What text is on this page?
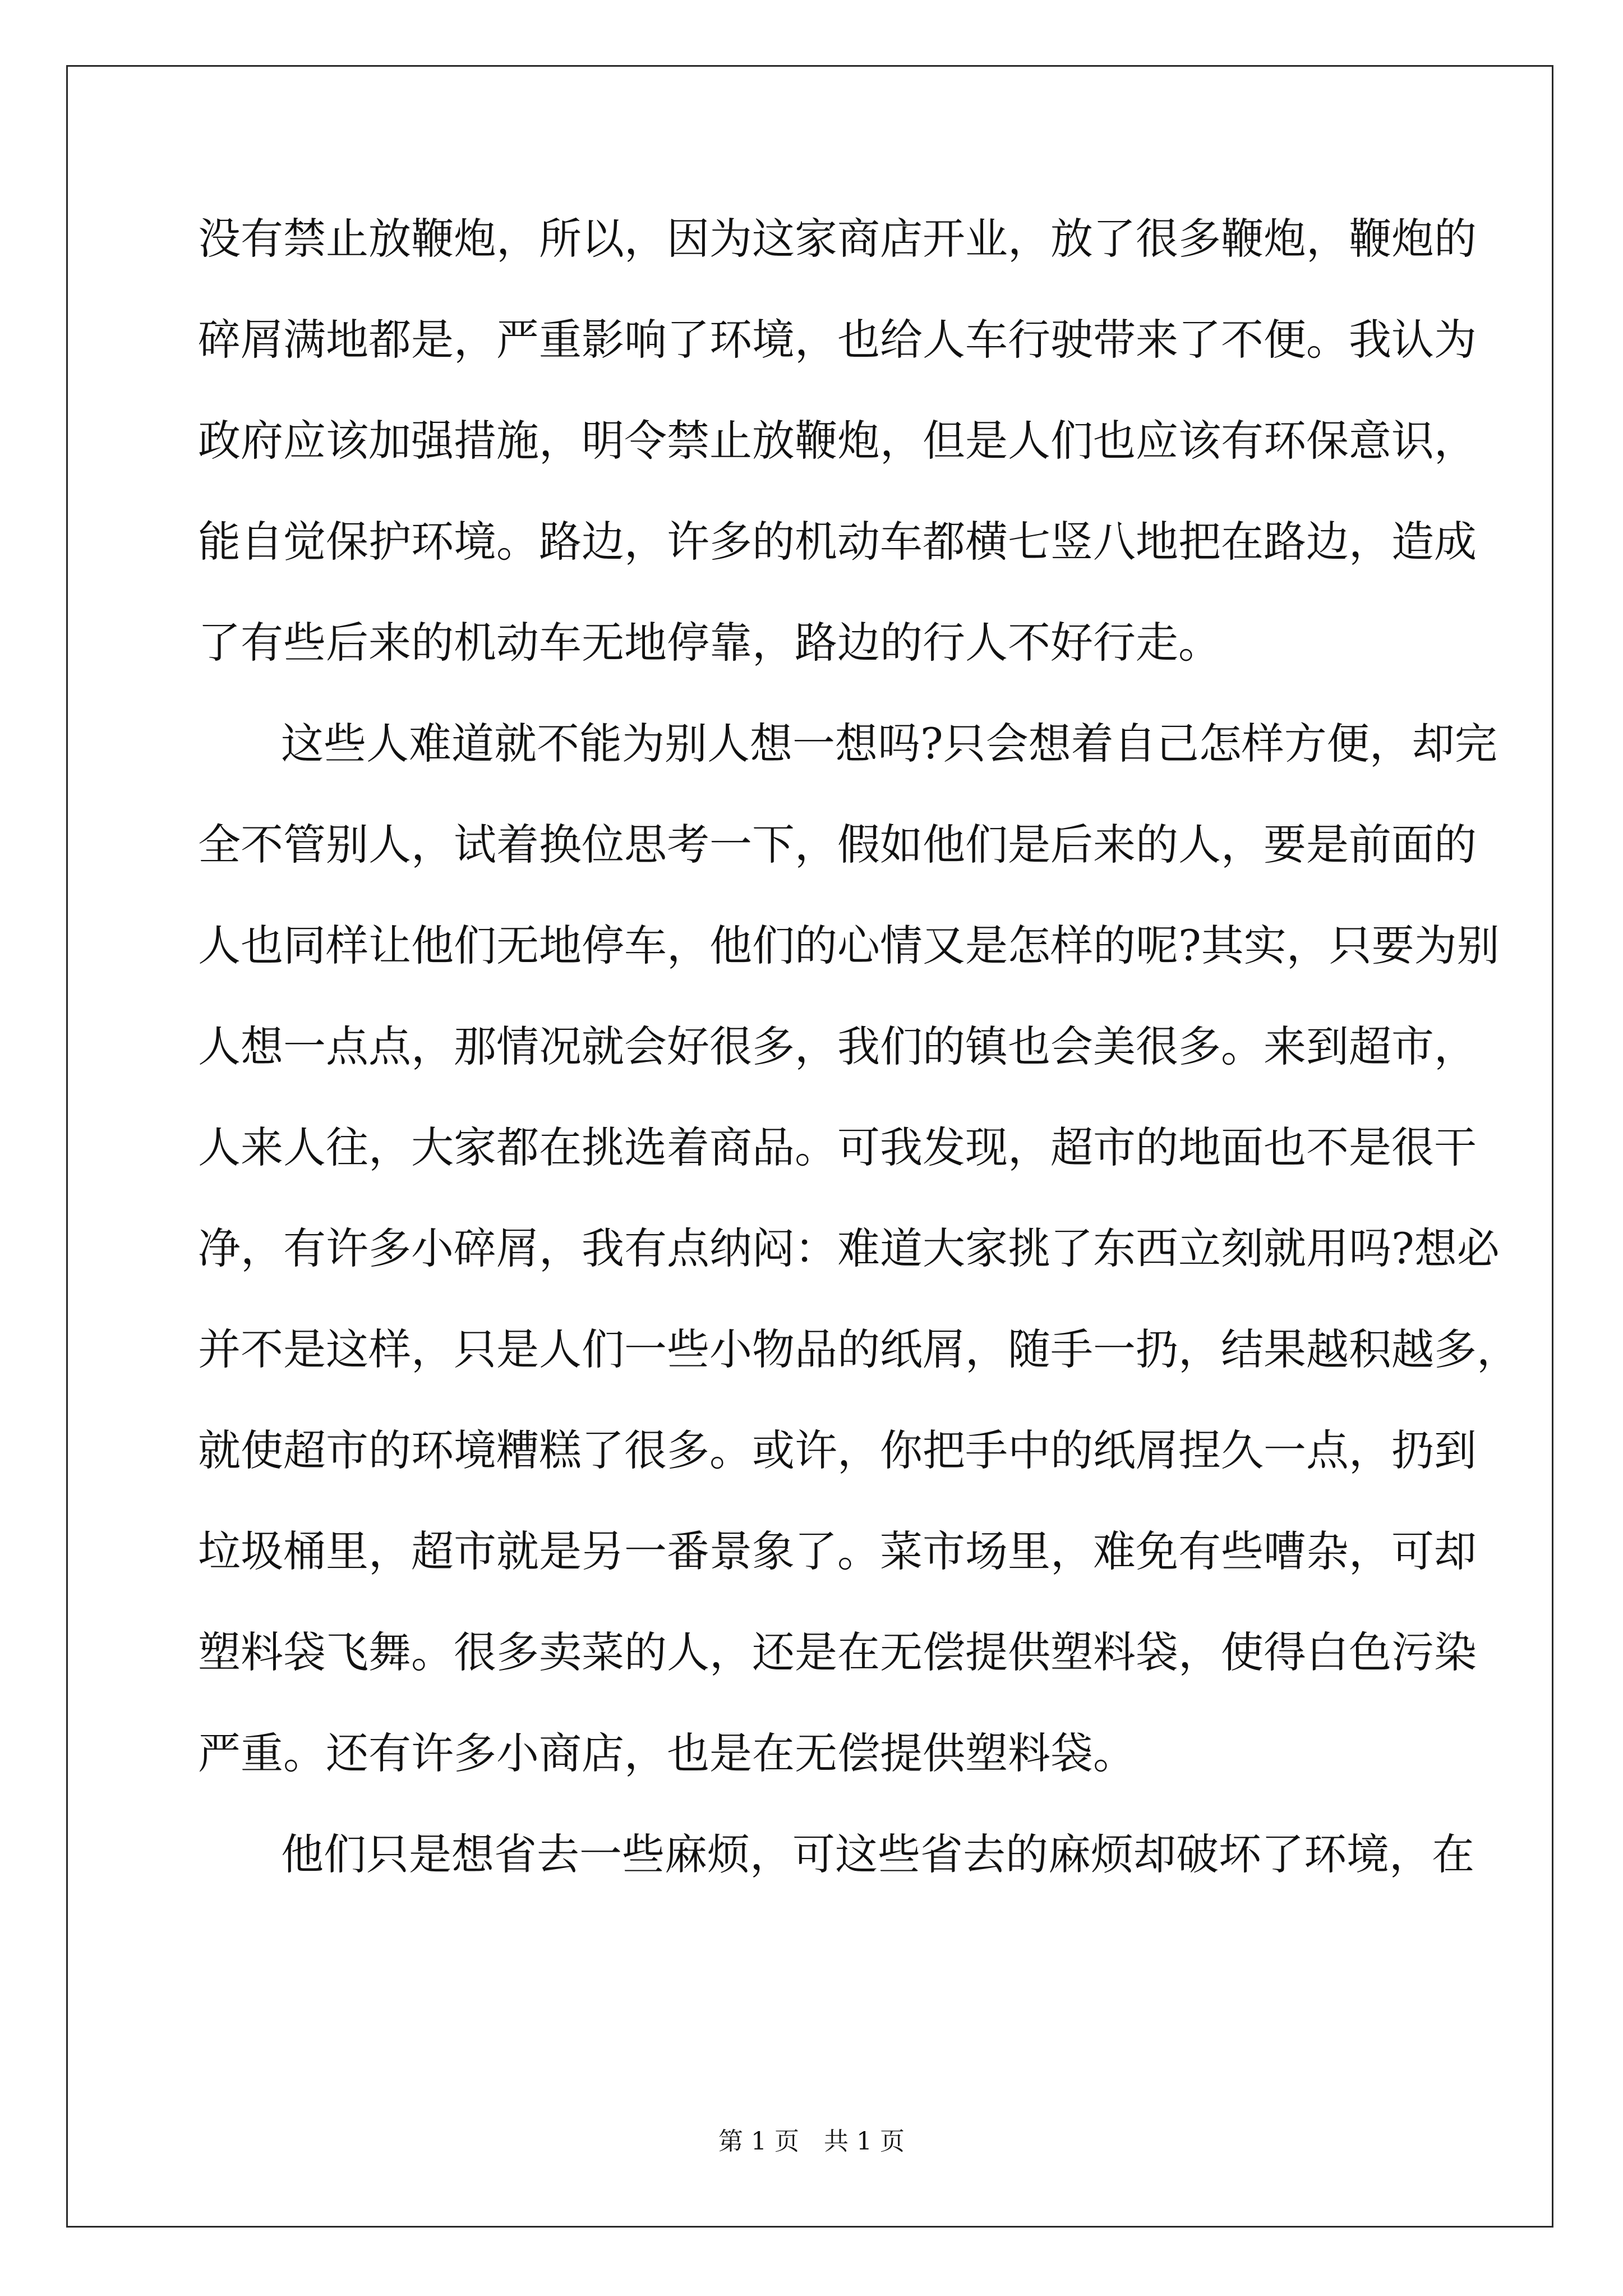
没有禁止放鞭炮，所以，因为这家商店开业，放了很多鞭炮，鞭炮的
碎屑满地都是，严重影响了环境，也给人车行驶带来了不便。我认为
政府应该加强措施，明令禁止放鞭炮，但是人们也应该有环保意识，
能自觉保护环境。路边，许多的机动车都横七竖八地把在路边，造成
了有些后来的机动车无地停靠，路边的行人不好行走。
这些人难道就不能为别人想一想吗?只会想着自己怎样方便，却完
全不管别人，试着换位思考一下，假如他们是后来的人，要是前面的
人也同样让他们无地停车，他们的心情又是怎样的呢?其实，只要为别
人想一点点，那情况就会好很多，我们的镇也会美很多。来到超市，
人来人往，大家都在挑选着商品。可我发现，超市的地面也不是很干
净，有许多小碎屑，我有点纳闷：难道大家挑了东西立刻就用吗?想必
并不是这样，只是人们一些小物品的纸屑，随手一扔，结果越积越多，
就使超市的环境糟糕了很多。或许，你把手中的纸屑捏久一点，扔到
垃圾桶里，超市就是另一番景象了。菜市场里，难免有些嘈杂，可却
塑料袋飞舞。很多卖菜的人，还是在无偿提供塑料袋，使得白色污染
严重。还有许多小商店，也是在无偿提供塑料袋。
他们只是想省去一些麻烦，可这些省去的麻烦却破坏了环境，在
第 1 页　共 1 页
